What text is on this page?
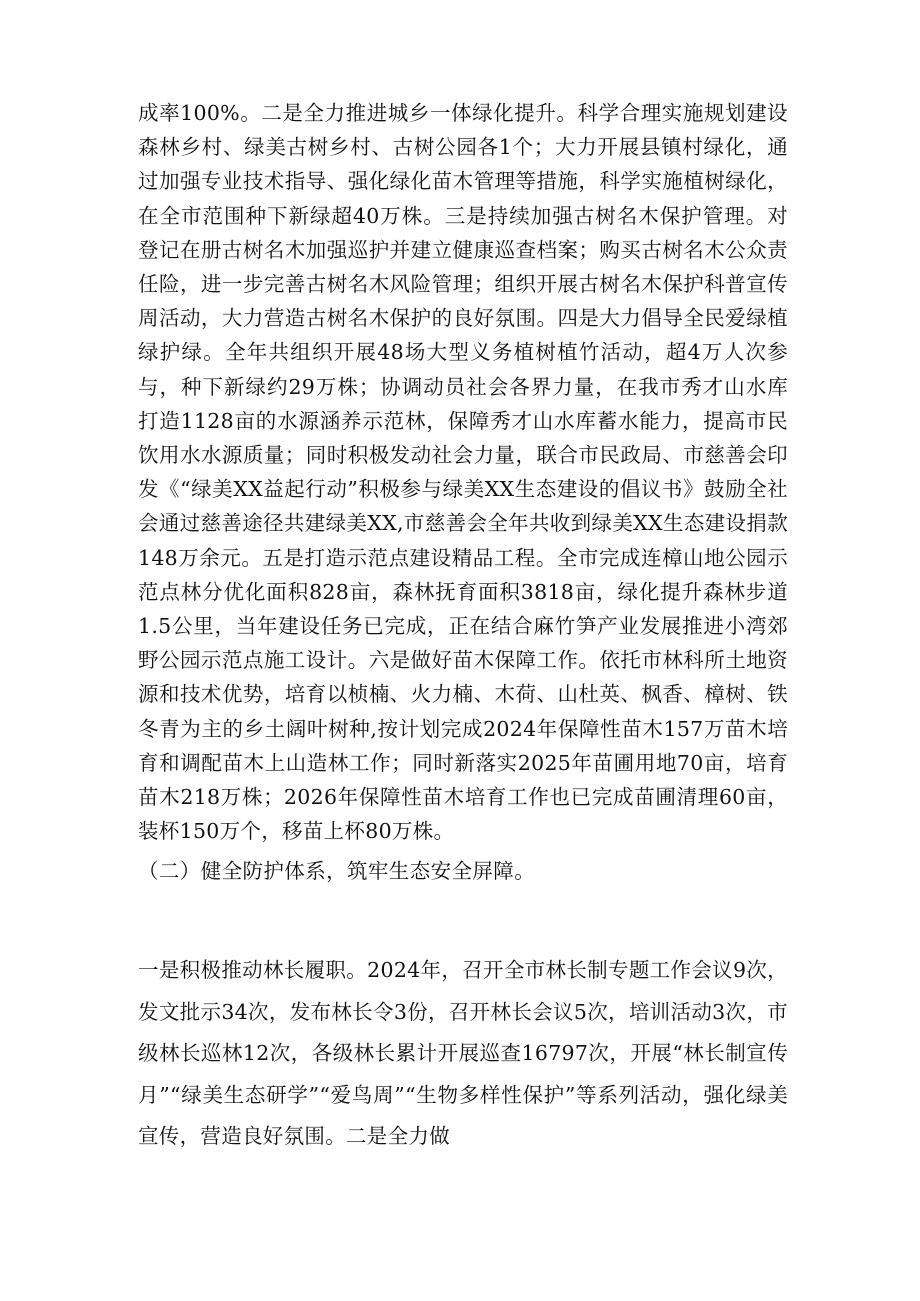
成率100%。二是全力推进城乡一体绿化提升。科学合理实施规划建设森林乡村、绿美古树乡村、古树公园各1个；大力开展县镇村绿化，通过加强专业技术指导、强化绿化苗木管理等措施，科学实施植树绿化，在全市范围种下新绿超40万株。三是持续加强古树名木保护管理。对登记在册古树名木加强巡护并建立健康巡查档案；购买古树名木公众责任险，进一步完善古树名木风险管理；组织开展古树名木保护科普宣传周活动，大力营造古树名木保护的良好氛围。四是大力倡导全民爱绿植绿护绿。全年共组织开展48场大型义务植树植竹活动，超4万人次参与，种下新绿约29万株；协调动员社会各界力量，在我市秀才山水库打造1128亩的水源涵养示范林，保障秀才山水库蓄水能力，提高市民饮用水水源质量；同时积极发动社会力量，联合市民政局、市慈善会印发《“绿美XX益起行动”积极参与绿美XX生态建设的倡议书》鼓励全社会通过慈善途径共建绿美XX,市慈善会全年共收到绿美XX生态建设捐款148万余元。五是打造示范点建设精品工程。全市完成连樟山地公园示范点林分优化面积828亩，森林抚育面积3818亩，绿化提升森林步道1.5公里，当年建设任务已完成，正在结合麻竹笋产业发展推进小湾郊野公园示范点施工设计。六是做好苗木保障工作。依托市林科所土地资源和技术优势，培育以桢楠、火力楠、木荷、山杜英、枫香、樟树、铁冬青为主的乡土阔叶树种,按计划完成2024年保障性苗木157万苗木培育和调配苗木上山造林工作；同时新落实2025年苗圃用地70亩，培育苗木218万株；2026年保障性苗木培育工作也已完成苗圃清理60亩，装杯150万个，移苗上杯80万株。

（二）健全防护体系，筑牢生态安全屏障。

一是积极推动林长履职。2024年，召开全市林长制专题工作会议9次，发文批示34次，发布林长令3份，召开林长会议5次，培训活动3次，市级林长巡林12次，各级林长累计开展巡查16797次，开展“林长制宣传月”“绿美生态研学”“爱鸟周”“生物多样性保护”等系列活动，强化绿美宣传，营造良好氛围。二是全力做
